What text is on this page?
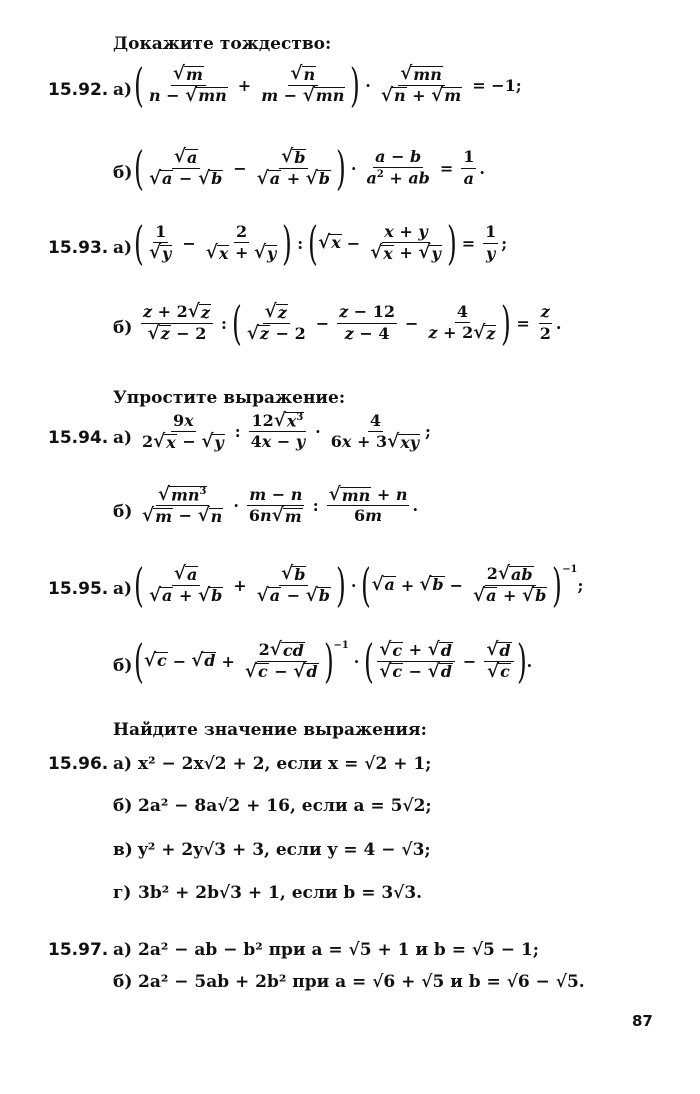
Докажите тождество:
15.92. а) ( $\frac{√ m}{n - √ mn} + \frac{√ n}{m - √ mn}$ ) · $\frac{√ mn}{√ n + √ m} = -1$;
б) ( $\frac{√ a}{√ a - √ b} - \frac{√ b}{√ a + √ b}$ ) · $\frac{a - b}{a^2 + ab} = \frac{1}{a}$ .
15.93. а) ( $\frac{1}{√ y} - \frac{2}{√ x + √ y}$ ) : ( √ $x - \frac{x + y}{√ x + √ y}$ ) = $\frac{1}{y}$ ;
$б) \frac{z + 2 √ z}{√ z - 2}$ : ( $\frac{√ z}{√ z - 2} - \frac{z - 12}{z - 4} - \frac{4}{z + 2 √ z}$ ) = $\frac{z}{2}$ .
Упростите выражение:
15.94. $а) \frac{9x}{2 √ x - √ y}$ : $\frac{12 √ x^3}{4x - y} \cdot \frac{4}{6x + 3 √ xy}$ ;
$б) \frac{√ mn^3}{√ m - √ n} \cdot \frac{m - n}{6n √ m}$ : $\frac{√ mn + n}{6m}$ .
15.95. а) ( $\frac{√ a}{√ a + √ b} + \frac{√ b}{√ a - √ b}$ ) · ( √ a + √ $b - \frac{2 √ ab}{√ a + √ b} )^{-1}$
;
б) ( √ c − √ $d + \frac{2 √ cd}{√ c - √ d} )^{-1}$
· ( $\frac{√ c + √ d}{√ c - √ d} - \frac{√ d}{√ c}$ ) .
Найдите значение выражения:
15.96. а) x² − 2x√2 + 2, если x = √2 + 1;
б) 2a² − 8a√2 + 16, если a = 5√2;
в) y² + 2y√3 + 3, если y = 4 − √3;
г) 3b² + 2b√3 + 1, если b = 3√3.
15.97. а) 2a² − ab − b² при a = √5 + 1 и b = √5 − 1;
б) 2a² − 5ab + 2b² при a = √6 + √5 и b = √6 − √5.
87
